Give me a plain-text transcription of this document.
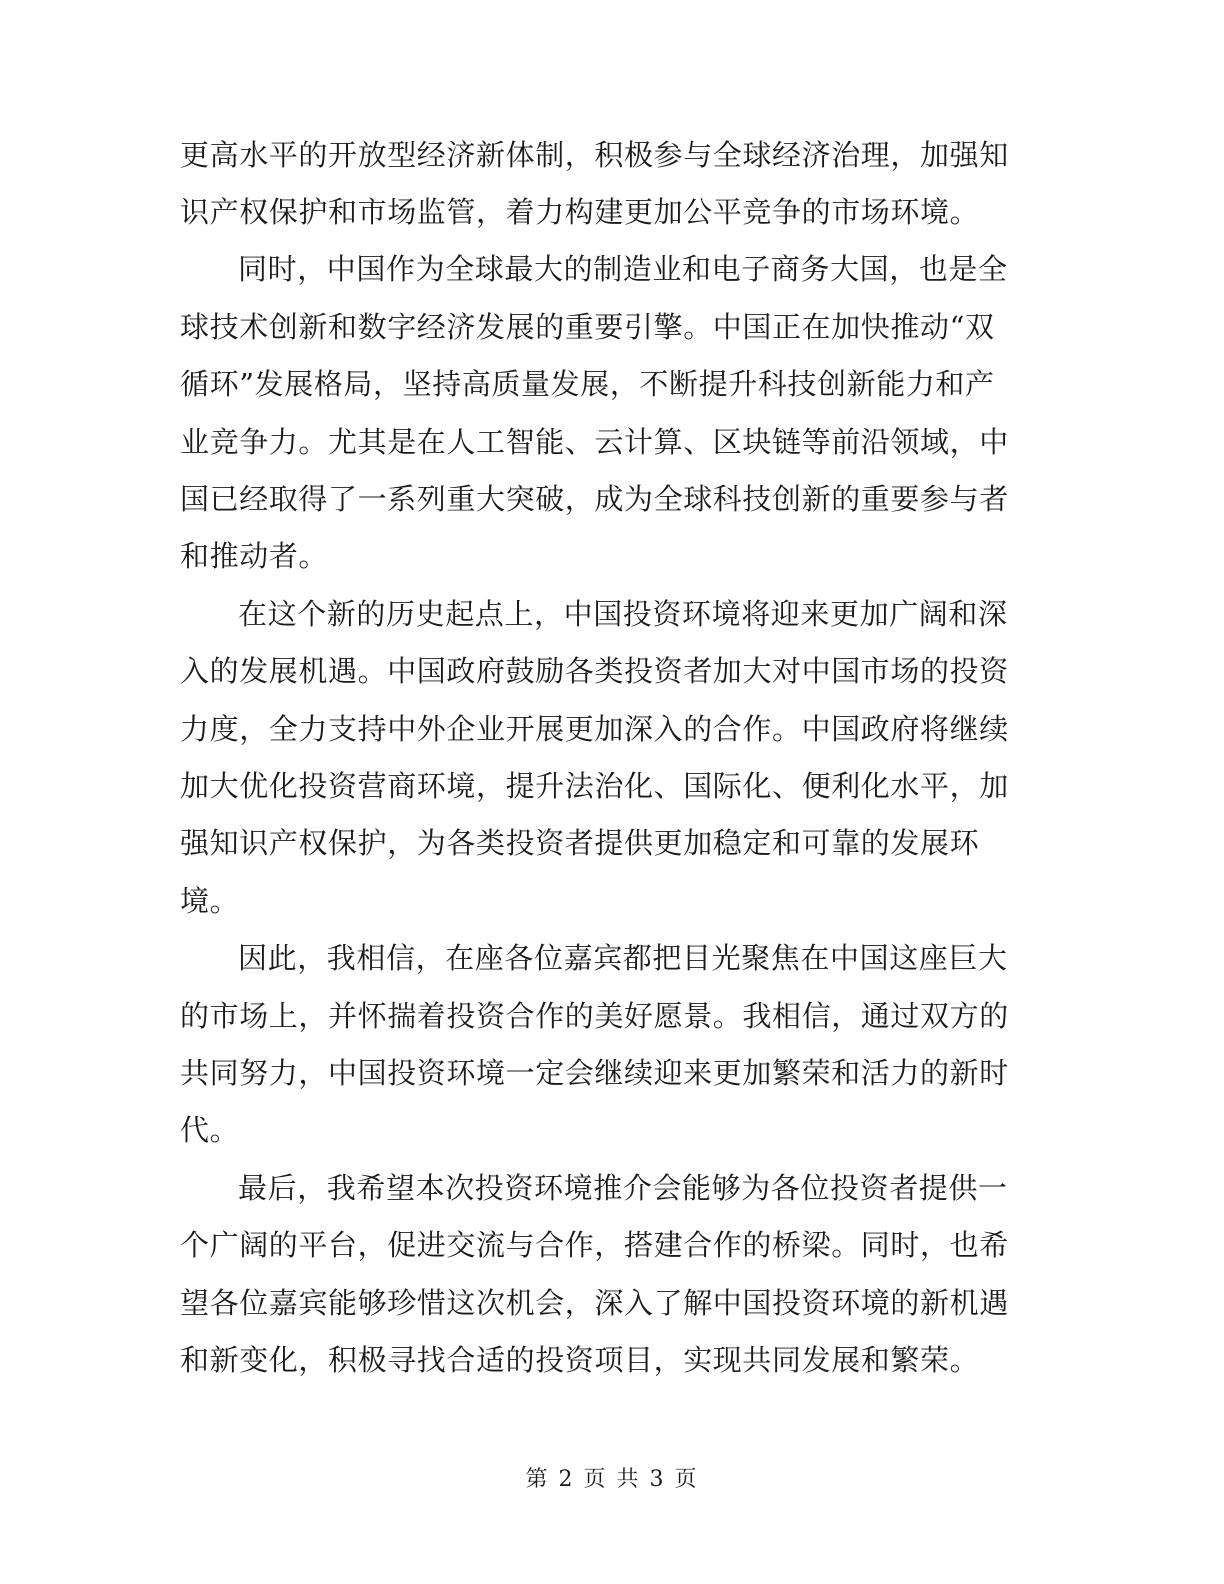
更高水平的开放型经济新体制，积极参与全球经济治理，加强知
识产权保护和市场监管，着力构建更加公平竞争的市场环境。
同时，中国作为全球最大的制造业和电子商务大国，也是全
球技术创新和数字经济发展的重要引擎。中国正在加快推动“双
循环”发展格局，坚持高质量发展，不断提升科技创新能力和产
业竞争力。尤其是在人工智能、云计算、区块链等前沿领域，中
国已经取得了一系列重大突破，成为全球科技创新的重要参与者
和推动者。
在这个新的历史起点上，中国投资环境将迎来更加广阔和深
入的发展机遇。中国政府鼓励各类投资者加大对中国市场的投资
力度，全力支持中外企业开展更加深入的合作。中国政府将继续
加大优化投资营商环境，提升法治化、国际化、便利化水平，加
强知识产权保护，为各类投资者提供更加稳定和可靠的发展环
境。
因此，我相信，在座各位嘉宾都把目光聚焦在中国这座巨大
的市场上，并怀揣着投资合作的美好愿景。我相信，通过双方的
共同努力，中国投资环境一定会继续迎来更加繁荣和活力的新时
代。
最后，我希望本次投资环境推介会能够为各位投资者提供一
个广阔的平台，促进交流与合作，搭建合作的桥梁。同时，也希
望各位嘉宾能够珍惜这次机会，深入了解中国投资环境的新机遇
和新变化，积极寻找合适的投资项目，实现共同发展和繁荣。
第 2 页 共 3 页
